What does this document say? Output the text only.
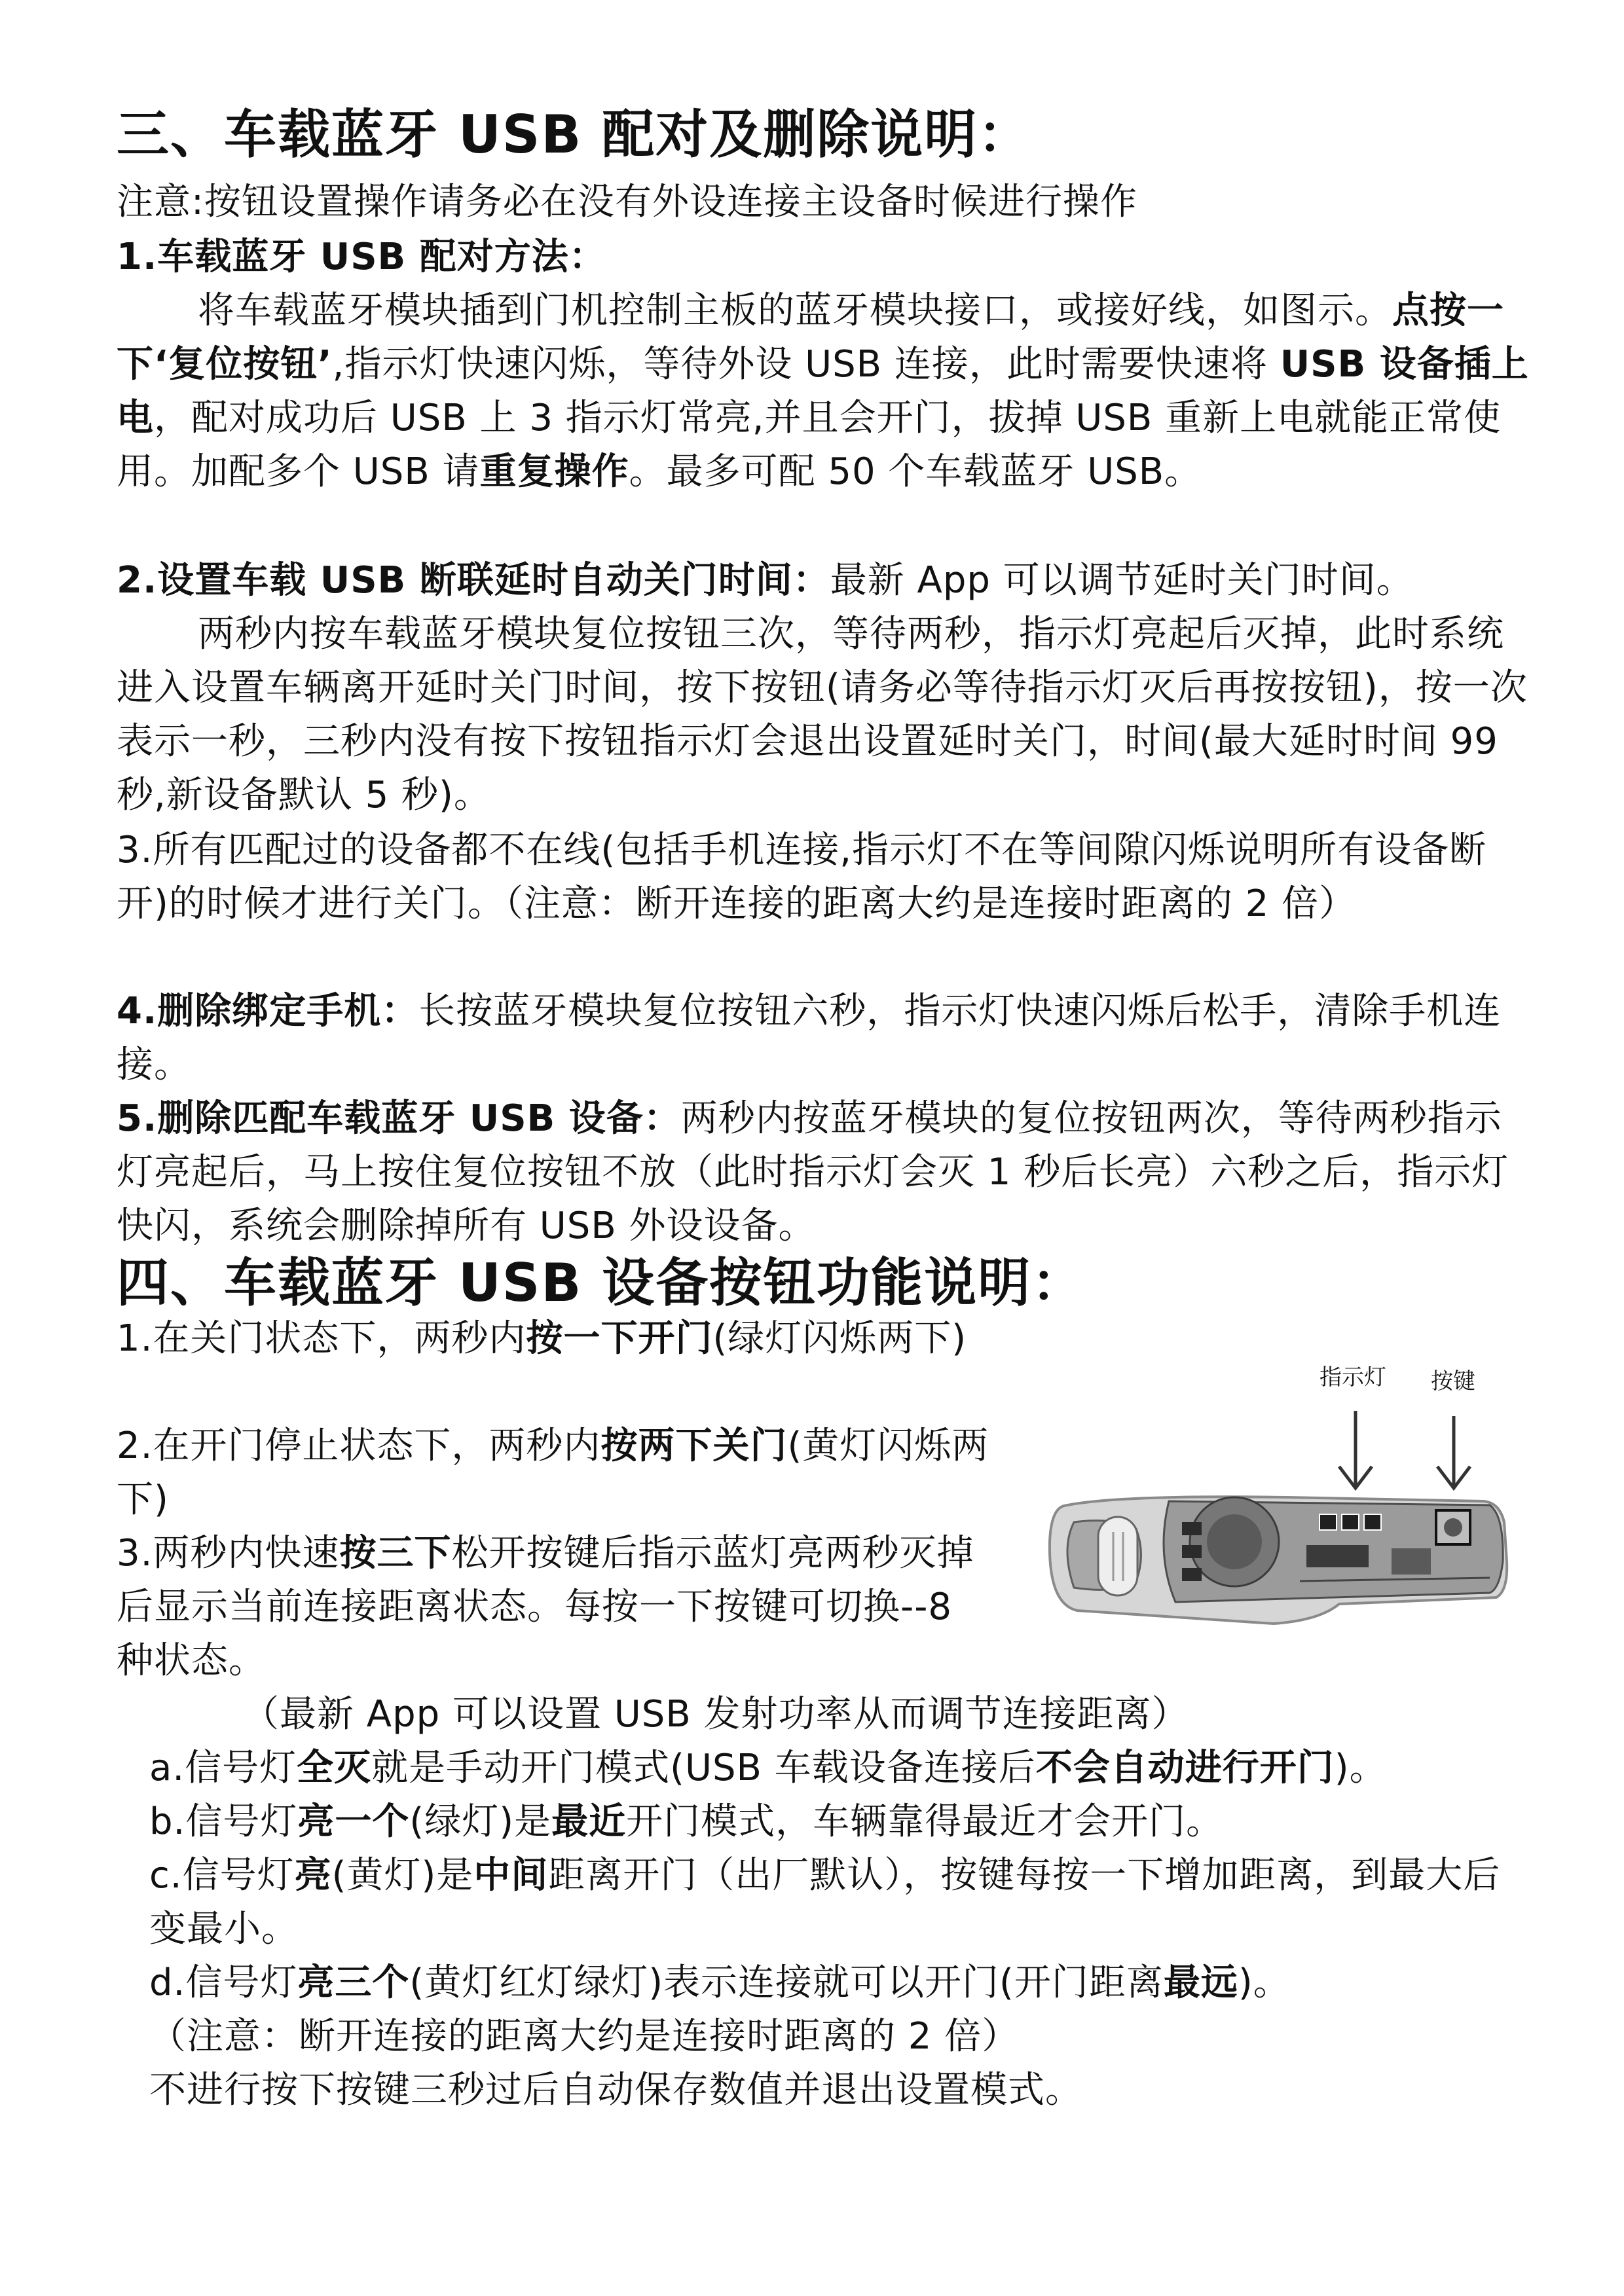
三、车载蓝牙 USB 配对及删除说明：

注意:按钮设置操作请务必在没有外设连接主设备时候进行操作

1.车载蓝牙 USB 配对方法：

将车载蓝牙模块插到门机控制主板的蓝牙模块接口，或接好线，如图示。点按一下‘复位按钮’,指示灯快速闪烁，等待外设 USB 连接，此时需要快速将 USB 设备插上电，配对成功后 USB 上 3 指示灯常亮,并且会开门，拔掉 USB 重新上电就能正常使用。加配多个 USB 请重复操作。最多可配 50 个车载蓝牙 USB。

2.设置车载 USB 断联延时自动关门时间：最新 App 可以调节延时关门时间。

两秒内按车载蓝牙模块复位按钮三次，等待两秒，指示灯亮起后灭掉，此时系统进入设置车辆离开延时关门时间，按下按钮(请务必等待指示灯灭后再按按钮)，按一次表示一秒，三秒内没有按下按钮指示灯会退出设置延时关门，时间(最大延时时间 99 秒,新设备默认 5 秒)。

3.所有匹配过的设备都不在线(包括手机连接,指示灯不在等间隙闪烁说明所有设备断开)的时候才进行关门。（注意：断开连接的距离大约是连接时距离的 2 倍）

4.删除绑定手机：长按蓝牙模块复位按钮六秒，指示灯快速闪烁后松手，清除手机连接。

5.删除匹配车载蓝牙 USB 设备：两秒内按蓝牙模块的复位按钮两次，等待两秒指示灯亮起后，马上按住复位按钮不放（此时指示灯会灭 1 秒后长亮）六秒之后，指示灯快闪，系统会删除掉所有 USB 外设设备。

四、车载蓝牙 USB 设备按钮功能说明：

1.在关门状态下，两秒内按一下开门(绿灯闪烁两下)

2.在开门停止状态下，两秒内按两下关门(黄灯闪烁两下)

3.两秒内快速按三下松开按键后指示蓝灯亮两秒灭掉后显示当前连接距离状态。每按一下按键可切换--8 种状态。

（最新 App 可以设置 USB 发射功率从而调节连接距离）

a.信号灯全灭就是手动开门模式(USB 车载设备连接后不会自动进行开门)。

b.信号灯亮一个(绿灯)是最近开门模式，车辆靠得最近才会开门。

c.信号灯亮(黄灯)是中间距离开门（出厂默认），按键每按一下增加距离，到最大后变最小。

d.信号灯亮三个(黄灯红灯绿灯)表示连接就可以开门(开门距离最远)。

（注意：断开连接的距离大约是连接时距离的 2 倍）

不进行按下按键三秒过后自动保存数值并退出设置模式。

指示灯 按键
